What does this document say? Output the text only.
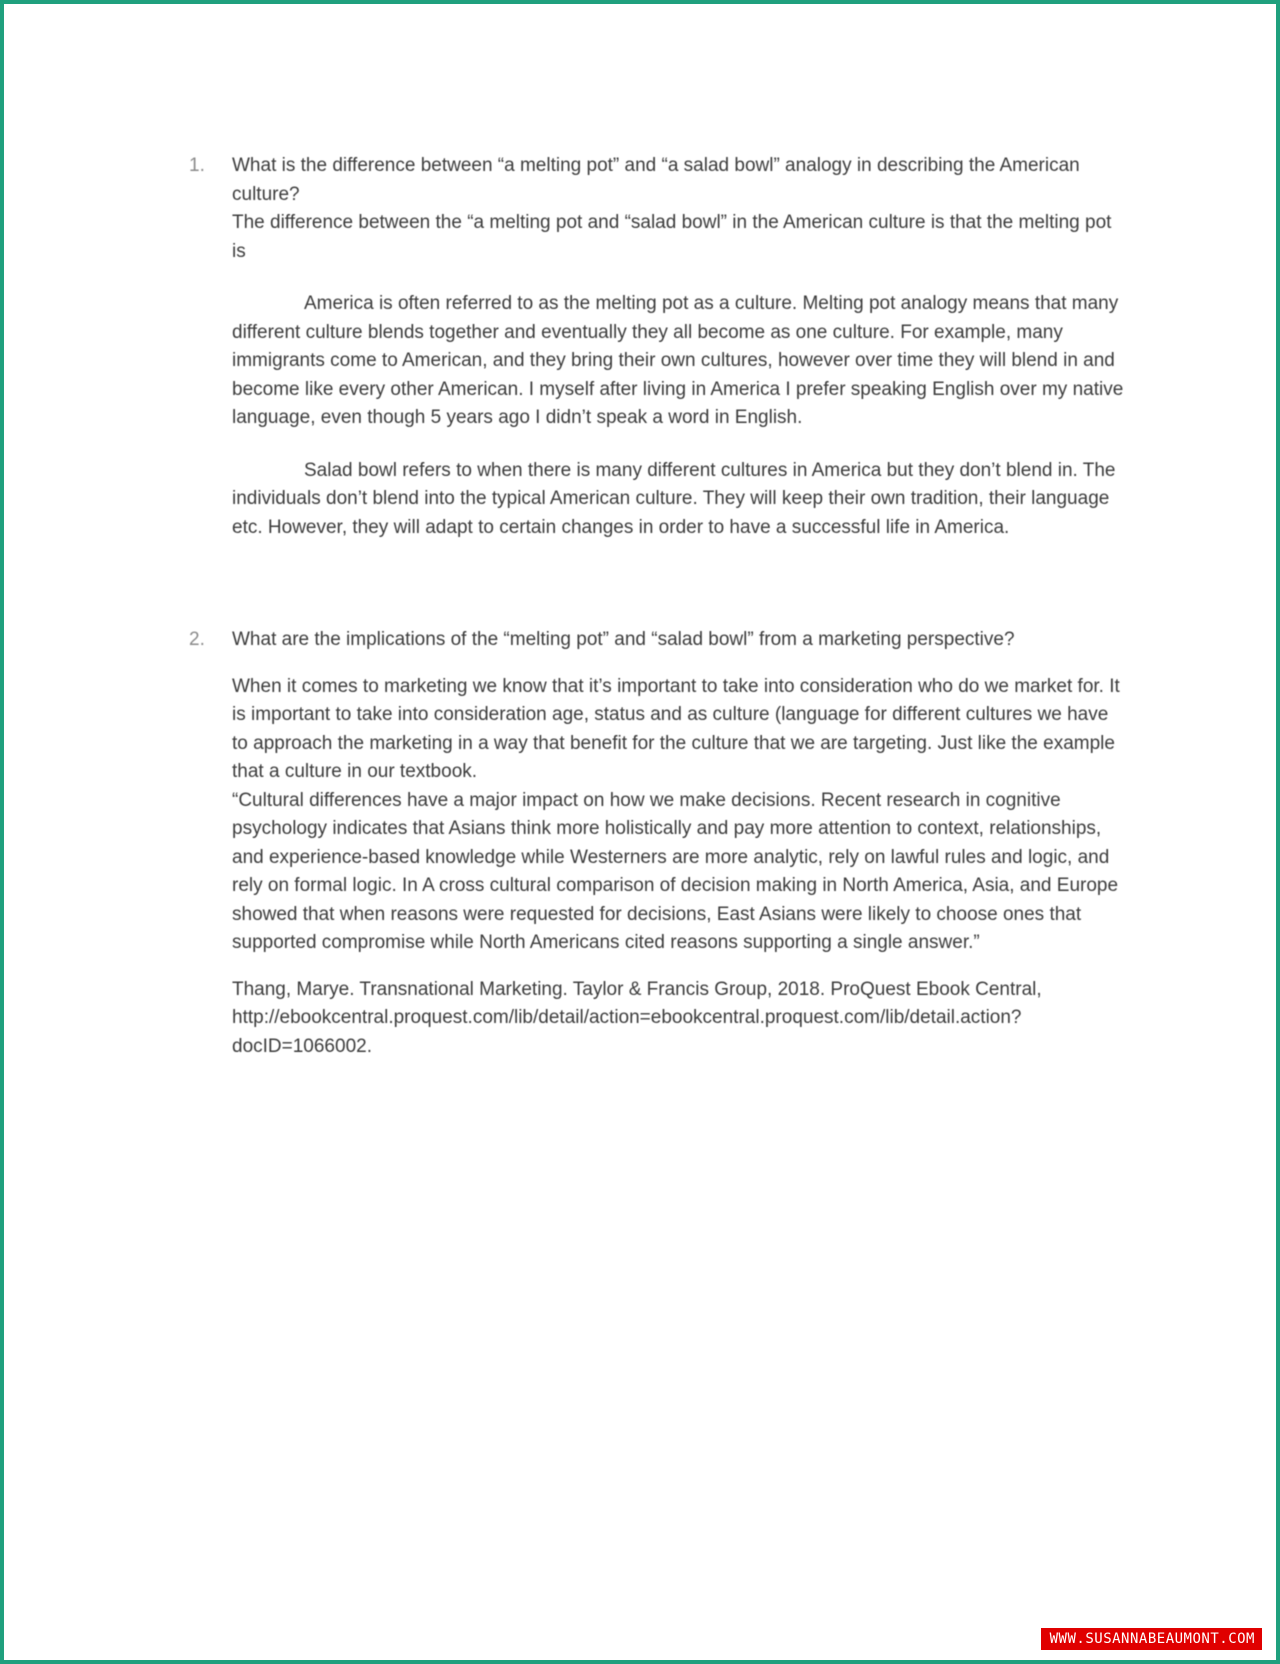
1.	What is the difference between “a melting pot” and “a salad bowl” analogy in describing the American culture?

The difference between the “a melting pot and “salad bowl” in the American culture is that the melting pot is

America is often referred to as the melting pot as a culture. Melting pot analogy means that many different culture blends together and eventually they all become as one culture. For example, many immigrants come to American, and they bring their own cultures, however over time they will blend in and become like every other American. I myself after living in America I prefer speaking English over my native language, even though 5 years ago I didn’t speak a word in English.

Salad bowl refers to when there is many different cultures in America but they don’t blend in. The individuals don’t blend into the typical American culture. They will keep their own tradition, their language etc. However, they will adapt to certain changes in order to have a successful life in America.

2.	What are the implications of the “melting pot” and “salad bowl” from a marketing perspective?

When it comes to marketing we know that it’s important to take into consideration who do we market for. It is important to take into consideration age, status and as culture (language for different cultures we have to approach the marketing in a way that benefit for the culture that we are targeting. Just like the example that a culture in our textbook.

“Cultural differences have a major impact on how we make decisions. Recent research in cognitive psychology indicates that Asians think more holistically and pay more attention to context, relationships, and experience-based knowledge while Westerners are more analytic, rely on lawful rules and logic, and rely on formal logic. In A cross cultural comparison of decision making in North America, Asia, and Europe showed that when reasons were requested for decisions, East Asians were likely to choose ones that supported compromise while North Americans cited reasons supporting a single answer.”

Thang, Marye. Transnational Marketing. Taylor & Francis Group, 2018. ProQuest Ebook Central, http://ebookcentral.proquest.com/lib/detail/action=ebookcentral.proquest.com/lib/detail.action?docID=1066002.

WWW.SUSANNABEAUMONT.COM
